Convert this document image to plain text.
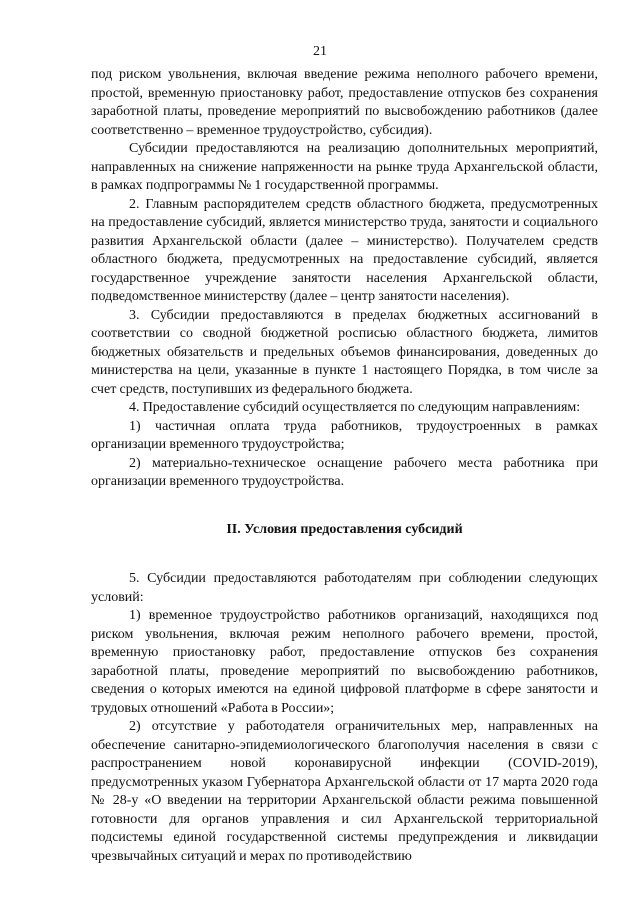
21

под риском увольнения, включая введение режима неполного рабочего времени, простой, временную приостановку работ, предоставление отпусков без сохранения заработной платы, проведение мероприятий по высвобождению работников (далее соответственно – временное трудоустройство, субсидия).

Субсидии предоставляются на реализацию дополнительных мероприятий, направленных на снижение напряженности на рынке труда Архангельской области, в рамках подпрограммы № 1 государственной программы.

2. Главным распорядителем средств областного бюджета, предусмотренных на предоставление субсидий, является министерство труда, занятости и социального развития Архангельской области (далее – министерство). Получателем средств областного бюджета, предусмотренных на предоставление субсидий, является государственное учреждение занятости населения Архангельской области, подведомственное министерству (далее – центр занятости населения).

3. Субсидии предоставляются в пределах бюджетных ассигнований в соответствии со сводной бюджетной росписью областного бюджета, лимитов бюджетных обязательств и предельных объемов финансирования, доведенных до министерства на цели, указанные в пункте 1 настоящего Порядка, в том числе за счет средств, поступивших из федерального бюджета.

4. Предоставление субсидий осуществляется по следующим направлениям:

1) частичная оплата труда работников, трудоустроенных в рамках организации временного трудоустройства;

2) материально-техническое оснащение рабочего места работника при организации временного трудоустройства.

II. Условия предоставления субсидий

5. Субсидии предоставляются работодателям при соблюдении следующих условий:

1) временное трудоустройство работников организаций, находящихся под риском увольнения, включая режим неполного рабочего времени, простой, временную приостановку работ, предоставление отпусков без сохранения заработной платы, проведение мероприятий по высвобождению работников, сведения о которых имеются на единой цифровой платформе в сфере занятости и трудовых отношений «Работа в России»;

2) отсутствие у работодателя ограничительных мер, направленных на обеспечение санитарно-эпидемиологического благополучия населения в связи с распространением новой коронавирусной инфекции (COVID-2019), предусмотренных указом Губернатора Архангельской области от 17 марта 2020 года № 28-у «О введении на территории Архангельской области режима повышенной готовности для органов управления и сил Архангельской территориальной подсистемы единой государственной системы предупреждения и ликвидации чрезвычайных ситуаций и мерах по противодействию
